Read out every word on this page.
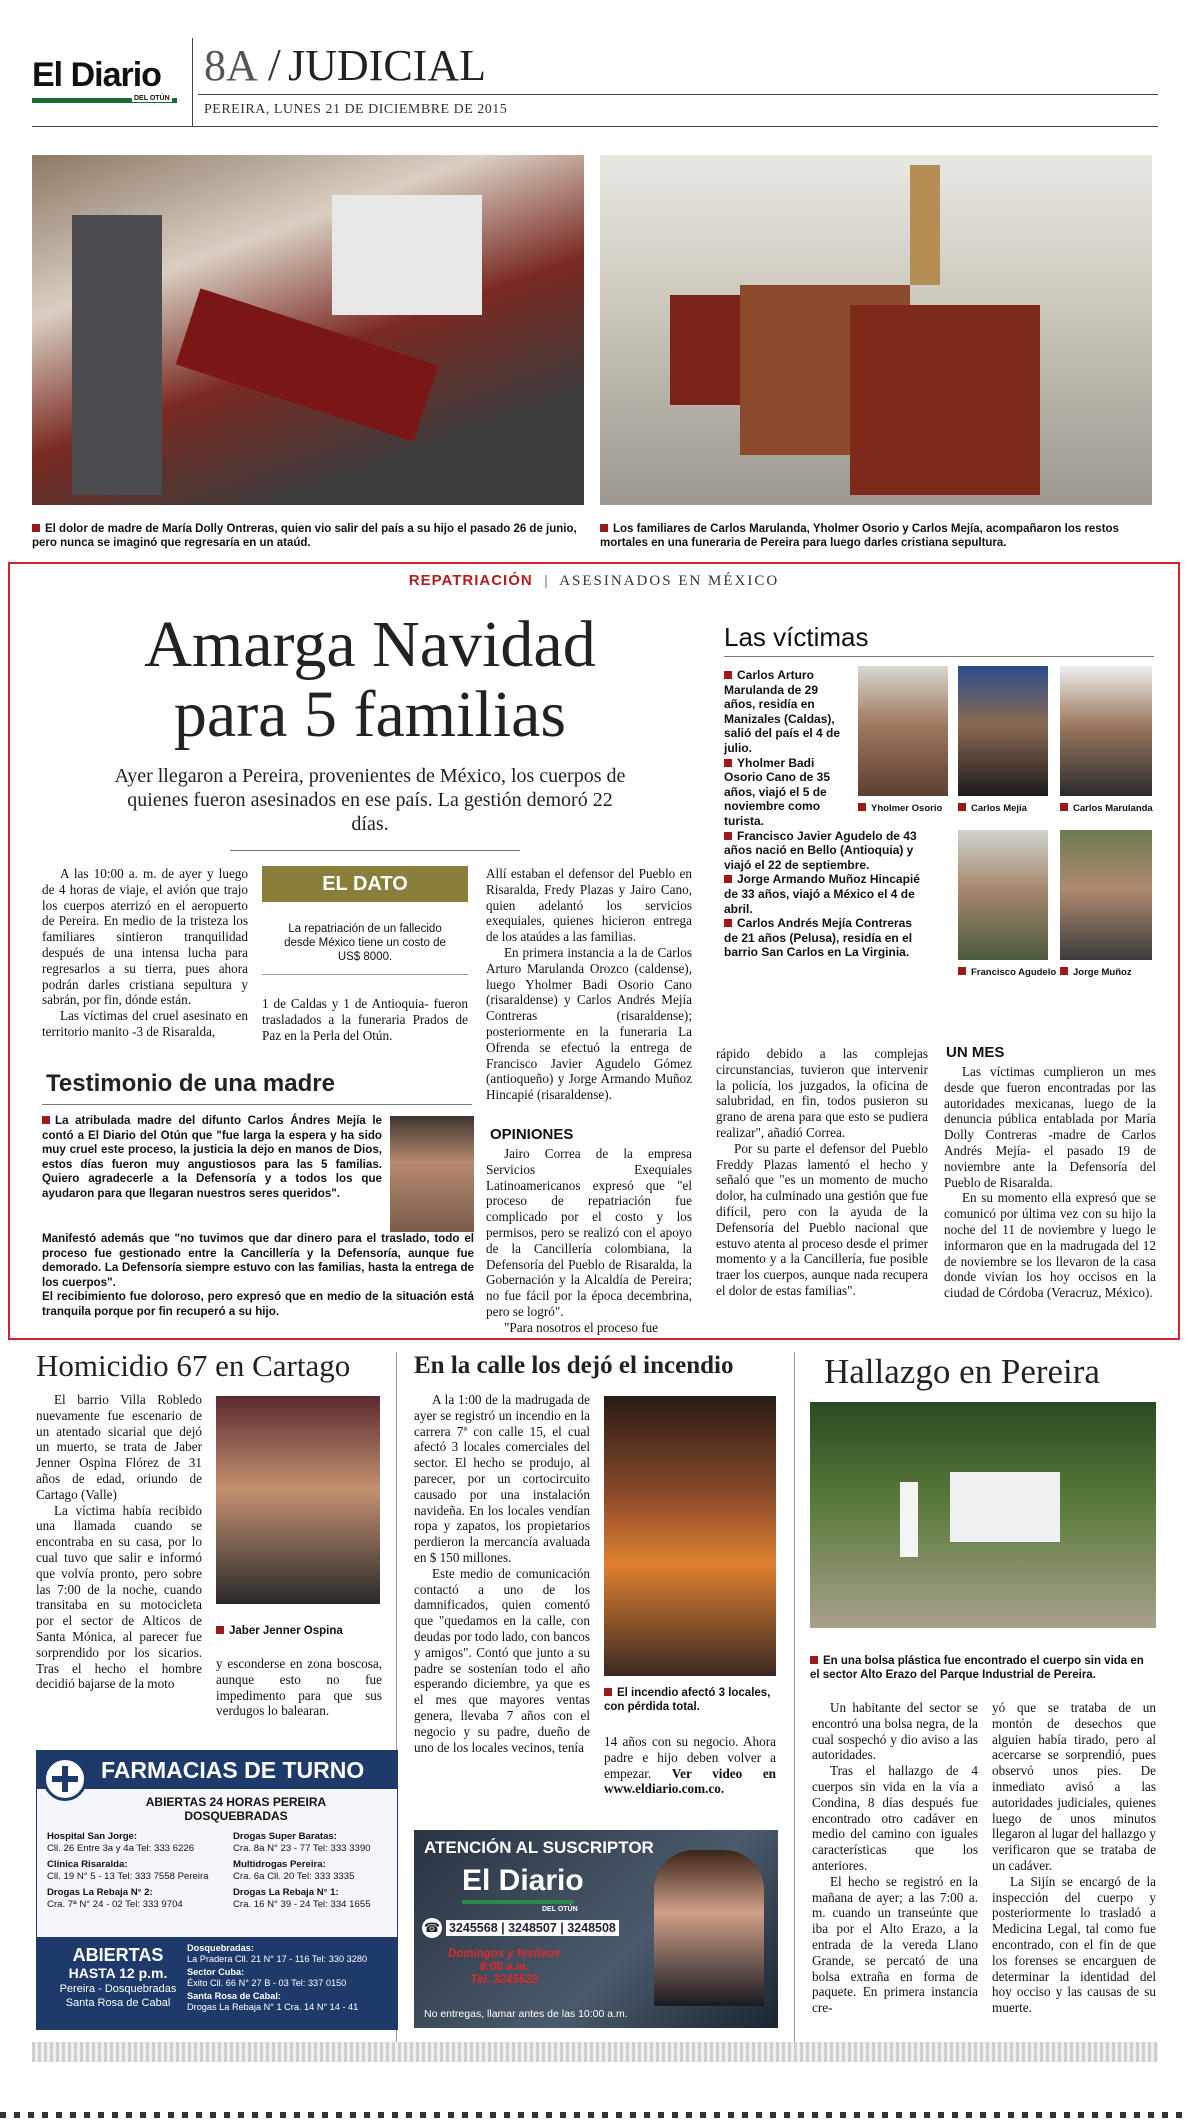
El Diario
DEL OTÚN
8A / JUDICIAL
PEREIRA, LUNES 21 DE DICIEMBRE DE 2015
El dolor de madre de María Dolly Ontreras, quien vio salir del país a su hijo el pasado 26 de junio, pero nunca se imaginó que regresaría en un ataúd.
Los familiares de Carlos Marulanda, Yholmer Osorio y Carlos Mejía, acompañaron los restos mortales en una funeraria de Pereira para luego darles cristiana sepultura.
REPATRIACIÓN | ASESINADOS EN MÉXICO
Amarga Navidad
para 5 familias
Ayer llegaron a Pereira, provenientes de México, los cuerpos de quienes fueron asesinados en ese país. La gestión demoró 22 días.

A las 10:00 a. m. de ayer y luego de 4 horas de viaje, el avión que trajo los cuerpos aterrizó en el aeropuerto de Pereira. En medio de la tristeza los familiares sintieron tranquilidad después de una intensa lucha para regresarlos a su tierra, pues ahora podrán darles cristiana sepultura y sabrán, por fin, dónde están.

Las víctimas del cruel asesinato en territorio manito -3 de Risaralda,

EL DATO
La repatriación de un fallecido desde México tiene un costo de US$ 8000.

1 de Caldas y 1 de Antioquia- fueron trasladados a la funeraria Prados de Paz en la Perla del Otún.

Allí estaban el defensor del Pueblo en Risaralda, Fredy Plazas y Jairo Cano, quien adelantó los servicios exequiales, quienes hicieron entrega de los ataúdes a las familias.

En primera instancia a la de Carlos Arturo Marulanda Orozco (caldense), luego Yholmer Badi Osorio Cano (risaraldense) y Carlos Andrés Mejía Contreras (risaraldense); posteriormente en la funeraria La Ofrenda se efectuó la entrega de Francisco Javier Agudelo Gómez (antioqueño) y Jorge Armando Muñoz Hincapié (risaraldense).

OPINIONES

Jairo Correa de la empresa Servicios Exequiales Latinoamericanos expresó que "el proceso de repatriación fue complicado por el costo y los permisos, pero se realizó con el apoyo de la Cancillería colombiana, la Defensoría del Pueblo de Risaralda, la Gobernación y la Alcaldía de Pereira; no fue fácil por la época decembrina, pero se logró".

"Para nosotros el proceso fue

Testimonio de una madre
La atribulada madre del difunto Carlos Ándres Mejía le contó a El Diario del Otún que "fue larga la espera y ha sido muy cruel este proceso, la justicia la dejo en manos de Dios, estos días fueron muy angustiosos para las 5 familias. Quiero agradecerle a la Defensoría y a todos los que ayudaron para que llegaran nuestros seres queridos".
Manifestó además que "no tuvimos que dar dinero para el traslado, todo el proceso fue gestionado entre la Cancillería y la Defensoría, aunque fue demorado. La Defensoría siempre estuvo con las familias, hasta la entrega de los cuerpos".
El recibimiento fue doloroso, pero expresó que en medio de la situación está tranquila porque por fin recuperó a su hijo.

rápido debido a las complejas circunstancias, tuvieron que intervenir la policía, los juzgados, la oficina de salubridad, en fin, todos pusieron su grano de arena para que esto se pudiera realizar", añadió Correa.

Por su parte el defensor del Pueblo Freddy Plazas lamentó el hecho y señaló que "es un momento de mucho dolor, ha culminado una gestión que fue difícil, pero con la ayuda de la Defensoría del Pueblo nacional que estuvo atenta al proceso desde el primer momento y a la Cancillería, fue posible traer los cuerpos, aunque nada recupera el dolor de estas familias".

UN MES

Las víctimas cumplieron un mes desde que fueron encontradas por las autoridades mexicanas, luego de la denuncia pública entablada por María Dolly Contreras -madre de Carlos Andrés Mejía- el pasado 19 de noviembre ante la Defensoría del Pueblo de Risaralda.

En su momento ella expresó que se comunicó por última vez con su hijo la noche del 11 de noviembre y luego le informaron que en la madrugada del 12 de noviembre se los llevaron de la casa donde vivían los hoy occisos en la ciudad de Córdoba (Veracruz, México).

Las víctimas
Carlos Arturo Marulanda de 29 años, residía en Manizales (Caldas), salió del país el 4 de julio.
Yholmer Badi Osorio Cano de 35 años, viajó el 5 de noviembre como turista.
Francisco Javier Agudelo de 43 años nació en Bello (Antioquia) y viajó el 22 de septiembre.
Jorge Armando Muñoz Hincapié de 33 años, viajó a México el 4 de abril.
Carlos Andrés Mejía Contreras de 21 años (Pelusa), residía en el barrio San Carlos en La Virginia.
Yholmer Osorio	Carlos Mejía	Carlos Marulanda
Francisco Agudelo	Jorge Muñoz
Homicidio 67 en Cartago

El barrio Villa Robledo nuevamente fue escenario de un atentado sicarial que dejó un muerto, se trata de Jaber Jenner Ospina Flórez de 31 años de edad, oriundo de Cartago (Valle)

La víctima había recibido una llamada cuando se encontraba en su casa, por lo cual tuvo que salir e informó que volvía pronto, pero sobre las 7:00 de la noche, cuando transitaba en su motocicleta por el sector de Alticos de Santa Mónica, al parecer fue sorprendido por los sicarios. Tras el hecho el hombre decidió bajarse de la moto

Jaber Jenner Ospina

y esconderse en zona boscosa, aunque esto no fue impedimento para que sus verdugos lo balearan.

En la calle los dejó el incendio

A la 1:00 de la madrugada de ayer se registró un incendio en la carrera 7ª con calle 15, el cual afectó 3 locales comerciales del sector. El hecho se produjo, al parecer, por un cortocircuito causado por una instalación navideña. En los locales vendían ropa y zapatos, los propietarios perdieron la mercancía avaluada en $ 150 millones.

Este medio de comunicación contactó a uno de los damnificados, quien comentó que "quedamos en la calle, con deudas por todo lado, con bancos y amigos". Contó que junto a su padre se sostenían todo el año esperando diciembre, ya que es el mes que mayores ventas genera, llevaba 7 años con el negocio y su padre, dueño de uno de los locales vecinos, tenía

El incendio afectó 3 locales, con pérdida total.

14 años con su negocio. Ahora padre e hijo deben volver a empezar. Ver video en www.eldiario.com.co.

Hallazgo en Pereira
En una bolsa plástica fue encontrado el cuerpo sin vida en el sector Alto Erazo del Parque Industrial de Pereira.

Un habitante del sector se encontró una bolsa negra, de la cual sospechó y dio aviso a las autoridades.

Tras el hallazgo de 4 cuerpos sin vida en la vía a Condina, 8 días después fue encontrado otro cadáver en medio del camino con iguales características que los anteriores.

El hecho se registró en la mañana de ayer; a las 7:00 a. m. cuando un transeúnte que iba por el Alto Erazo, a la entrada de la vereda Llano Grande, se percató de una bolsa extraña en forma de paquete. En primera instancia cre-

yó que se trataba de un montón de desechos que alguien había tirado, pero al acercarse se sorprendió, pues observó unos pies. De inmediato avisó a las autoridades judiciales, quienes luego de unos minutos llegaron al lugar del hallazgo y verificaron que se trataba de un cadáver.

La Sijín se encargó de la inspección del cuerpo y posteriormente lo trasladó a Medicina Legal, tal como fue encontrado, con el fin de que los forenses se encarguen de determinar la identidad del hoy occiso y las causas de su muerte.

FARMACIAS DE TURNO
ABIERTAS 24 HORAS PEREIRA DOSQUEBRADAS
Hospital San Jorge:
Cll. 26 Entre 3a y 4a Tel: 333 6226
Clínica Risaralda:
Cll. 19 N° 5 - 13 Tel: 333 7558 Pereira
Drogas La Rebaja N° 2:
Cra. 7ª N° 24 - 02 Tel: 333 9704
Drogas Super Baratas:
Cra. 8a N° 23 - 77 Tel: 333 3390
Multidrogas Pereira:
Cra. 6a Cll. 20 Tel: 333 3335
Drogas La Rebaja N° 1:
Cra. 16 N° 39 - 24 Tel: 334 1655
ABIERTAS
HASTA 12 p.m.
Pereira - Dosquebradas
Santa Rosa de Cabal
Dosquebradas:
La Pradera Cll. 21 N° 17 - 116 Tel: 330 3280
Sector Cuba:
Éxito Cll. 66 N° 27 B - 03 Tel: 337 0150
Santa Rosa de Cabal:
Drogas La Rebaja N° 1 Cra. 14 N° 14 - 41
ATENCIÓN AL SUSCRIPTOR
El Diario
DEL OTÚN
☎ 3245568 | 3248507 | 3248508
Domingos y festivos
8:00 a.m.
Tel. 3245522
No entregas, llamar antes de las 10:00 a.m.
